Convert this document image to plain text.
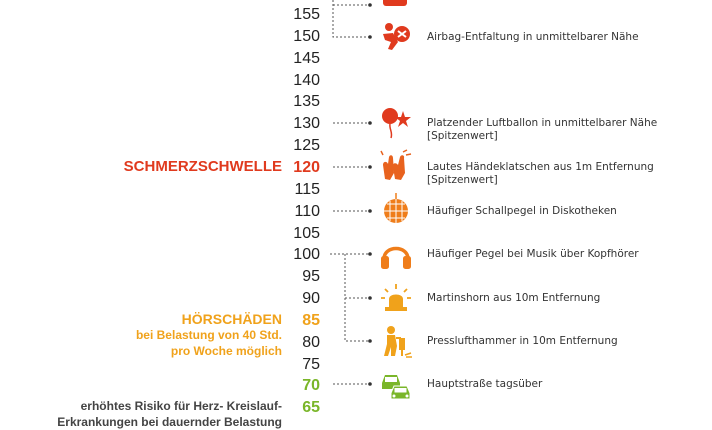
155
150
145
140
135
130
125
120
115
110
105
100
95
90
85
80
75
70
65
SCHMERZSCHWELLE
HÖRSCHÄDEN
bei Belastung von 40 Std.
pro Woche möglich
erhöhtes Risiko für Herz- Kreislauf-
Erkrankungen bei dauernder Belastung
Airbag-Entfaltung in unmittelbarer Nähe
Platzender Luftballon in unmittelbarer Nähe
[Spitzenwert]
Lautes Händeklatschen aus 1m Entfernung
[Spitzenwert]
Häufiger Schallpegel in Diskotheken
Häufiger Pegel bei Musik über Kopfhörer
Martinshorn aus 10m Entfernung
Presslufthammer in 10m Entfernung
Hauptstraße tagsüber
